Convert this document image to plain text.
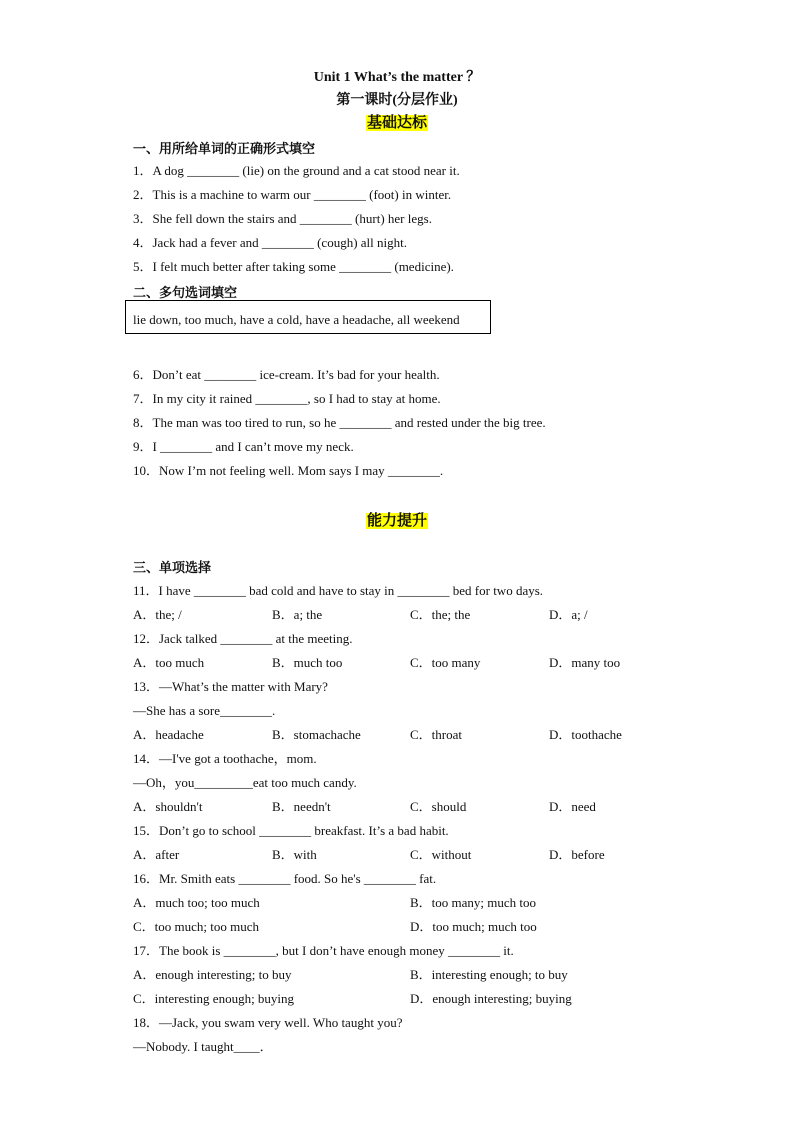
Unit 1 What’s the matter ？
第一课时(分层作业)
基础达标
一、用所给单词的正确形式填空
1．A dog ________ (lie) on the ground and a cat stood near it.
2．This is a machine to warm our ________ (foot) in winter.
3．She fell down the stairs and ________ (hurt) her legs.
4．Jack had a fever and ________ (cough) all night.
5．I felt much better after taking some ________ (medicine).
二、多句选词填空
lie down, too much, have a cold, have a headache, all weekend
6．Don’t eat ________ ice-cream. It’s bad for your health.
7．In my city it rained ________, so I had to stay at home.
8．The man was too tired to run, so he ________ and rested under the big tree.
9．I ________ and I can’t move my neck.
10．Now I’m not feeling well. Mom says I may ________.
能力提升
三、单项选择
11．I have ________ bad cold and have to stay in ________ bed for two days.
A．the; /	B．a; the	C．the; the	D．a; /
12．Jack talked ________ at the meeting.
A．too much	B．much too	C．too many	D．many too
13．—What’s the matter with Mary?
—She has a sore________.
A．headache	B．stomachache	C．throat	D．toothache
14．—I've got a toothache，mom.
—Oh，you_________eat too much candy.
A．shouldn't	B．needn't	C．should	D．need
15．Don’t go to school ________ breakfast. It’s a bad habit.
A．after	B．with	C．without	D．before
16．Mr. Smith eats ________ food. So he's ________ fat.
A．much too; too much	B．too many; much too
C．too much; too much	D．too much; much too
17．The book is ________, but I don’t have enough money ________ it.
A．enough interesting; to buy	B．interesting enough; to buy
C．interesting enough; buying	D．enough interesting; buying
18．—Jack, you swam very well. Who taught you?
—Nobody. I taught____．
